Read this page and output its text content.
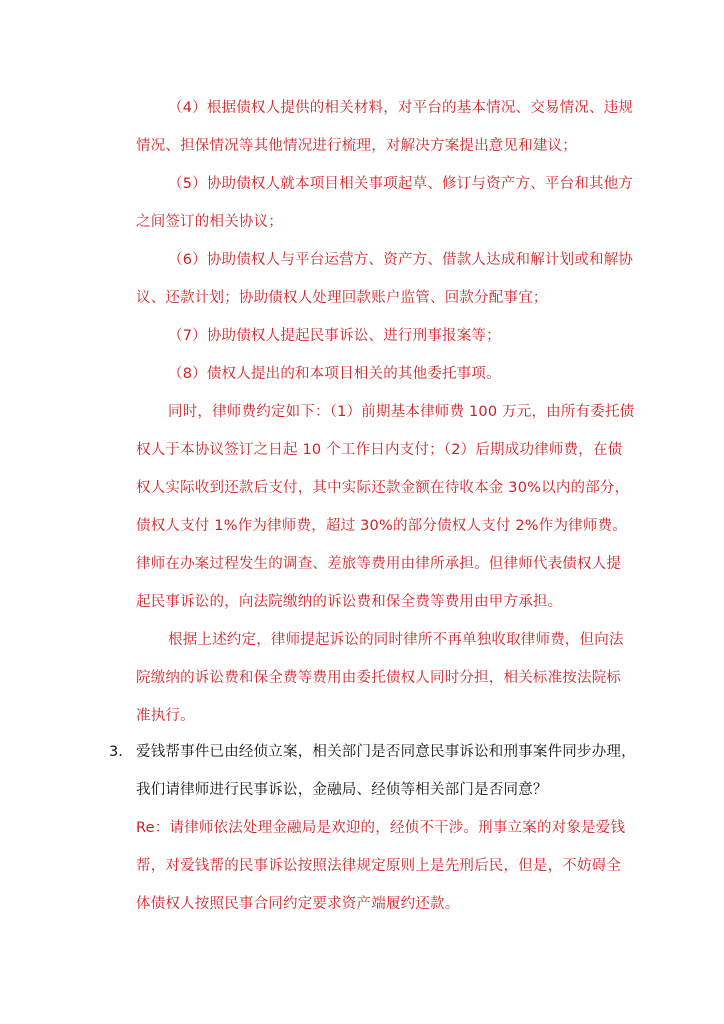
（4）根据债权人提供的相关材料，对平台的基本情况、交易情况、违规
情况、担保情况等其他情况进行梳理，对解决方案提出意见和建议；
（5）协助债权人就本项目相关事项起草、修订与资产方、平台和其他方
之间签订的相关协议；
（6）协助债权人与平台运营方、资产方、借款人达成和解计划或和解协
议、还款计划；协助债权人处理回款账户监管、回款分配事宜；
（7）协助债权人提起民事诉讼、进行刑事报案等；
（8）债权人提出的和本项目相关的其他委托事项。
同时，律师费约定如下：（1）前期基本律师费 100 万元，由所有委托债
权人于本协议签订之日起 10 个工作日内支付；（2）后期成功律师费，在债
权人实际收到还款后支付，其中实际还款金额在待收本金 30%以内的部分，
债权人支付 1%作为律师费，超过 30%的部分债权人支付 2%作为律师费。
律师在办案过程发生的调查、差旅等费用由律所承担。但律师代表债权人提
起民事诉讼的，向法院缴纳的诉讼费和保全费等费用由甲方承担。
根据上述约定，律师提起诉讼的同时律所不再单独收取律师费，但向法
院缴纳的诉讼费和保全费等费用由委托债权人同时分担，相关标准按法院标
准执行。
3. 爱钱帮事件已由经侦立案，相关部门是否同意民事诉讼和刑事案件同步办理，
我们请律师进行民事诉讼，金融局、经侦等相关部门是否同意？
Re：请律师依法处理金融局是欢迎的，经侦不干涉。刑事立案的对象是爱钱
帮，对爱钱帮的民事诉讼按照法律规定原则上是先刑后民，但是，不妨碍全
体债权人按照民事合同约定要求资产端履约还款。
